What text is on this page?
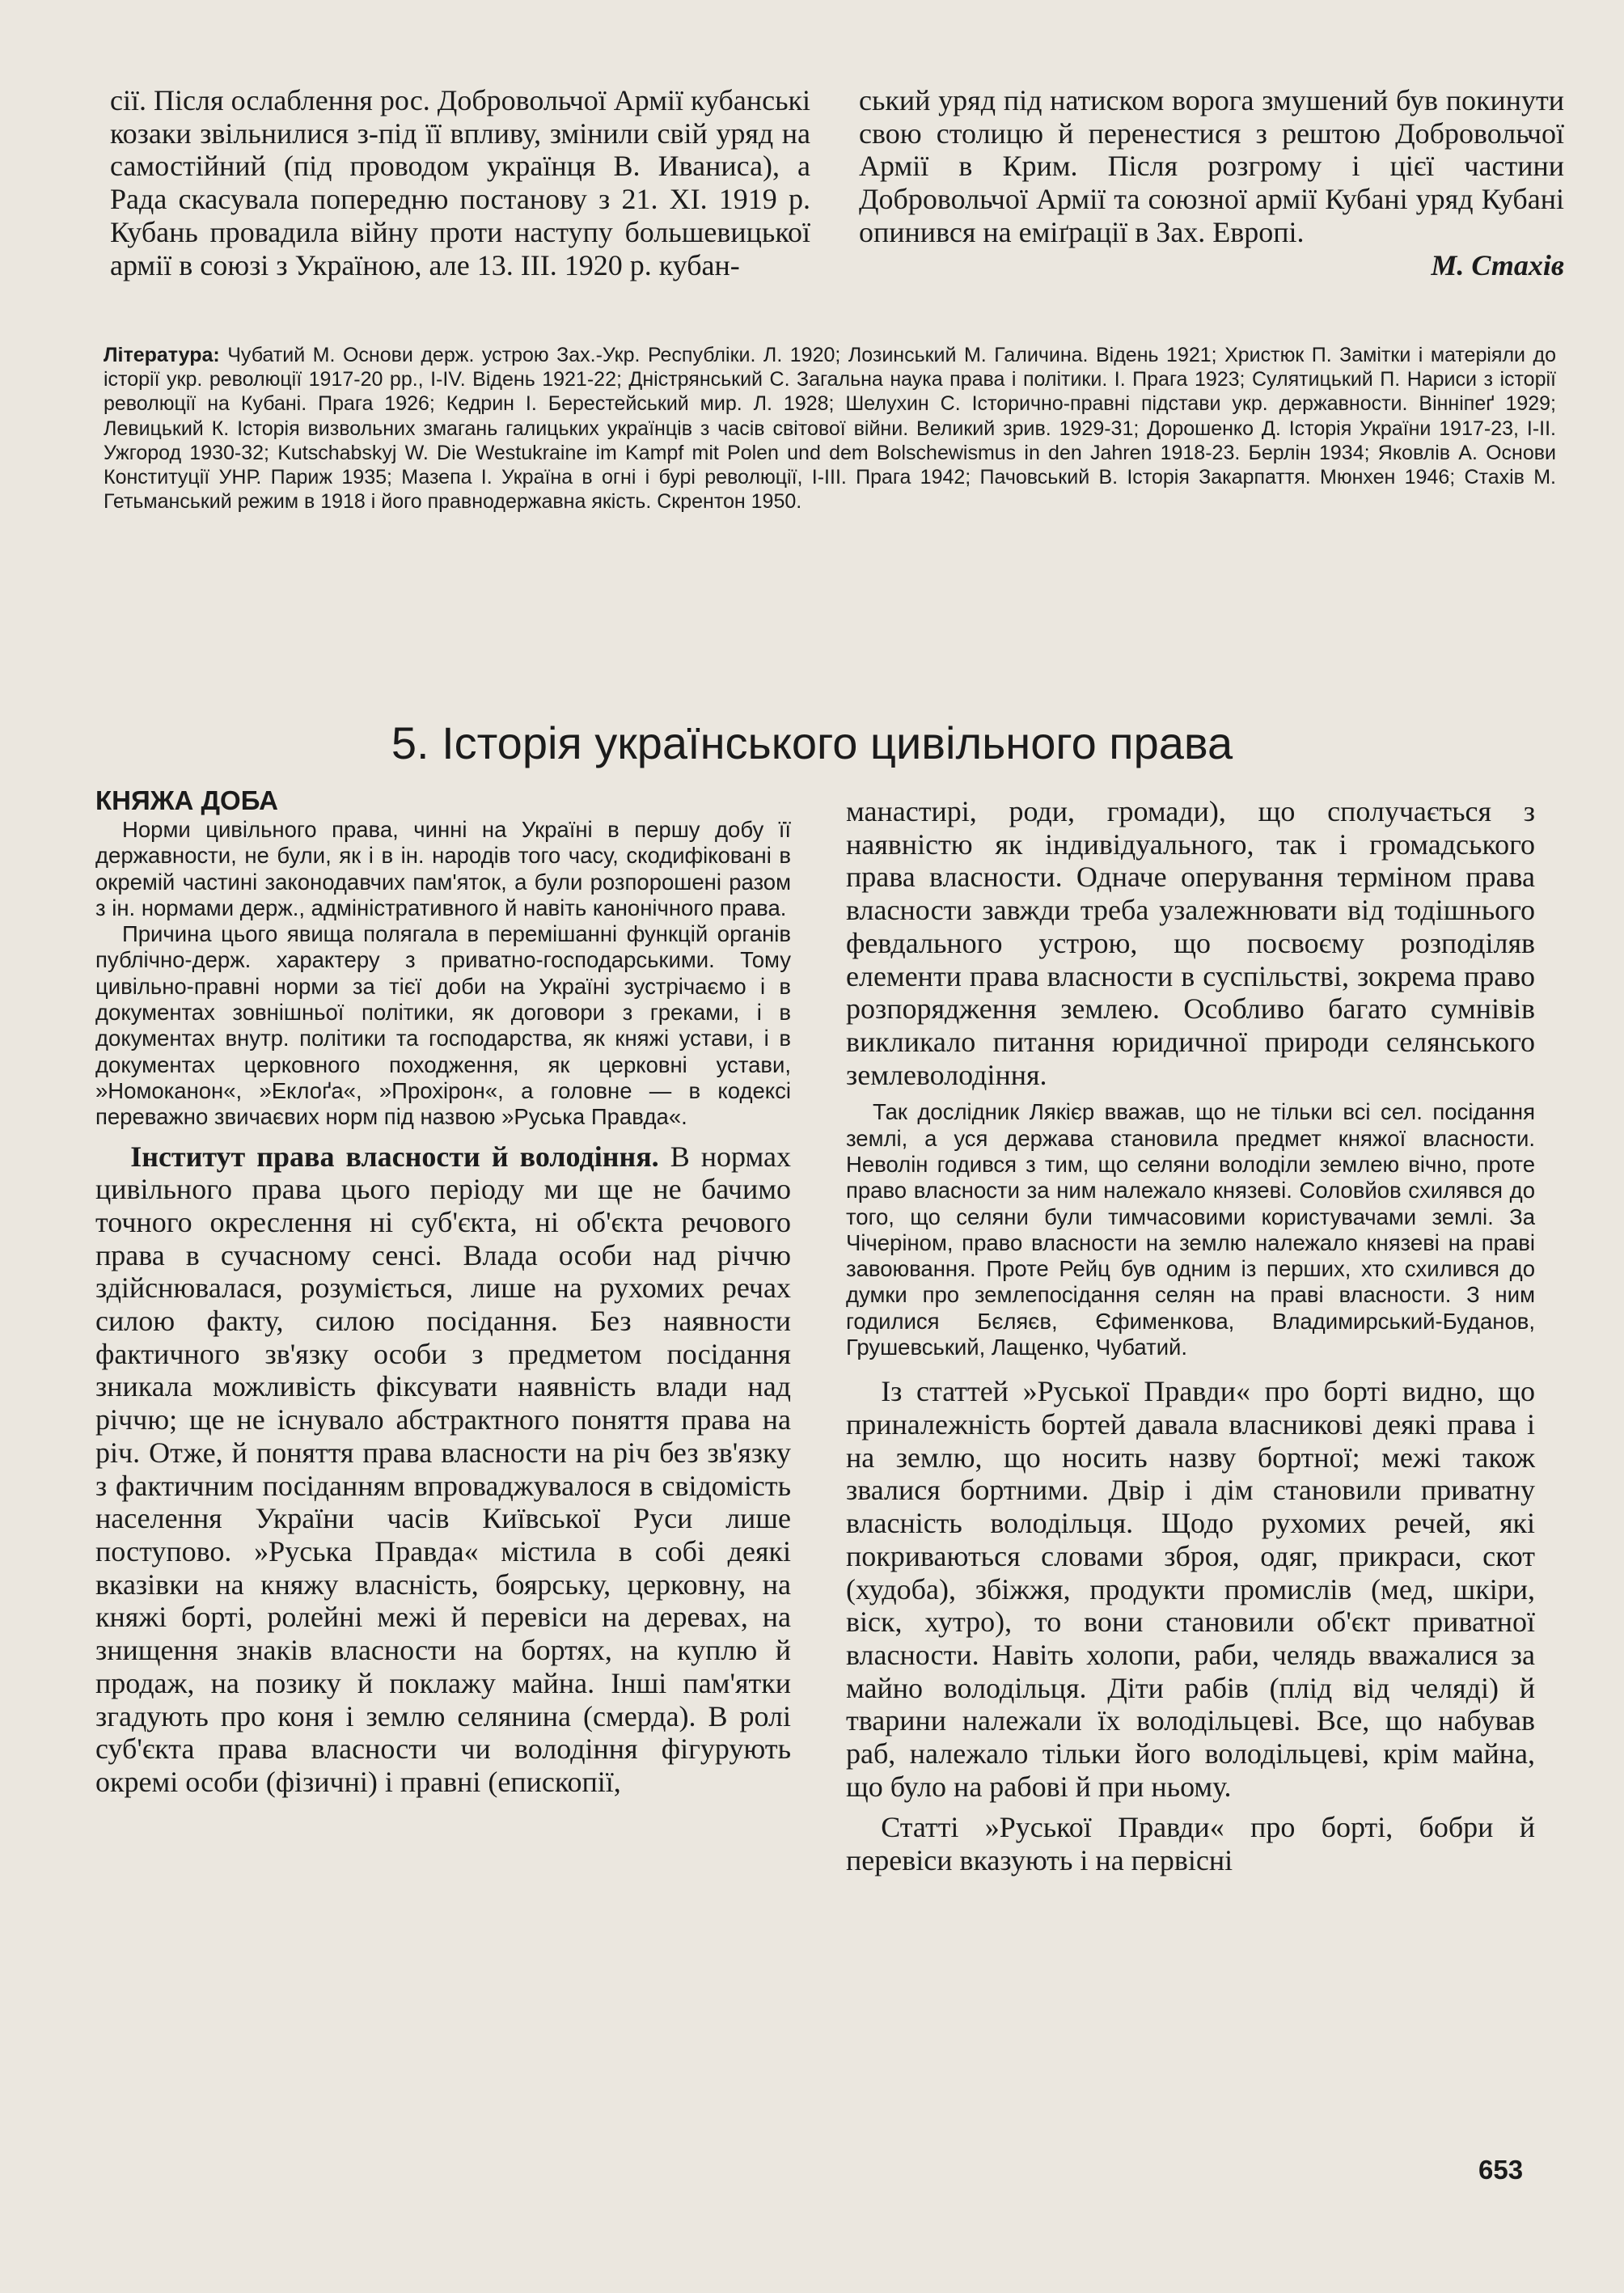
сії. Після ослаблення рос. Добровольчої Армії кубанські козаки звільнилися з-під її впливу, змінили свій уряд на самостійний (під проводом українця В. Иваниса), а Рада скасувала попередню постанову з 21. XI. 1919 р. Кубань провадила війну проти наступу большевицької армії в союзі з Україною, але 13. III. 1920 р. кубан-

ський уряд під натиском ворога змушений був покинути свою столицю й перенестися з рештою Добровольчої Армії в Крим. Після розгрому і цієї частини Добровольчої Армії та союзної армії Кубані уряд Кубані опинився на еміґрації в Зах. Европі.

М. Стахів

Література: Чубатий М. Основи держ. устрою Зах.-Укр. Республіки. Л. 1920; Лозинський М. Галичина. Відень 1921; Христюк П. Замітки і матеріяли до історії укр. революції 1917-20 рр., I-IV. Відень 1921-22; Дністрянський С. Загальна наука права і політики. I. Прага 1923; Сулятицький П. Нариси з історії революції на Кубані. Прага 1926; Кедрин I. Берестейський мир. Л. 1928; Шелухин С. Історично-правні підстави укр. державности. Вінніпеґ 1929; Левицький К. Історія визвольних змагань галицьких українців з часів світової війни. Великий зрив. 1929-31; Дорошенко Д. Історія України 1917-23, I-II. Ужгород 1930-32; Kutschabskyj W. Die Westukraine im Kampf mit Polen und dem Bolschewismus in den Jahren 1918-23. Берлін 1934; Яковлів А. Основи Конституції УНР. Париж 1935; Мазепа I. Україна в огні і бурі революції, I-III. Прага 1942; Пачовський В. Історія Закарпаття. Мюнхен 1946; Стахів М. Гетьманський режим в 1918 і його правнодержавна якість. Скрентон 1950.
5. Історія українського цивільного права

КНЯЖА ДОБА

Норми цивільного права, чинні на Україні в першу добу її державности, не були, як і в ін. народів того часу, скодифіковані в окремій частині законодавчих пам'яток, а були розпорошені разом з ін. нормами держ., адміністративного й навіть канонічного права.

Причина цього явища полягала в перемішанні функцій органів публічно-держ. характеру з приватно-господарськими. Тому цивільно-правні норми за тієї доби на Україні зустрічаємо і в документах зовнішньої політики, як договори з греками, і в документах внутр. політики та господарства, як княжі устави, і в документах церковного походження, як церковні устави, »Номоканон«, »Еклоґа«, »Прохірон«, а головне — в кодексі переважно звичаєвих норм під назвою »Руська Правда«.

Інститут права власности й володіння. В нормах цивільного права цього періоду ми ще не бачимо точного окреслення ні суб'єкта, ні об'єкта речового права в сучасному сенсі. Влада особи над річчю здійснювалася, розуміється, лише на рухомих речах силою факту, силою посідання. Без наявности фактичного зв'язку особи з предметом посідання зникала можливість фіксувати наявність влади над річчю; ще не існувало абстрактного поняття права на річ. Отже, й поняття права власности на річ без зв'язку з фактичним посіданням впроваджувалося в свідомість населення України часів Київської Руси лише поступово. »Руська Правда« містила в собі деякі вказівки на княжу власність, боярську, церковну, на княжі борті, ролейні межі й перевіси на деревах, на знищення знаків власности на бортях, на куплю й продаж, на позику й поклажу майна. Інші пам'ятки згадують про коня і землю селянина (смерда). В ролі суб'єкта права власности чи володіння фігурують окремі особи (фізичні) і правні (епископії,

манастирі, роди, громади), що сполучається з наявністю як індивідуального, так і громадського права власности. Одначе оперування терміном права власности завжди треба узалежнювати від тодішнього февдального устрою, що посвоєму розподіляв елементи права власности в суспільстві, зокрема право розпорядження землею. Особливо багато сумнівів викликало питання юридичної природи селянського землеволодіння.

Так дослідник Лякієр вважав, що не тільки всі сел. посідання землі, а уся держава становила предмет княжої власности. Неволін годився з тим, що селяни володіли землею вічно, проте право власности за ним належало князеві. Соловйов схилявся до того, що селяни були тимчасовими користувачами землі. За Чічеріном, право власности на землю належало князеві на праві завоювання. Проте Рейц був одним із перших, хто схилився до думки про землепосідання селян на праві власности. З ним годилися Бєляєв, Єфименкова, Владимирський-Буданов, Грушевський, Лащенко, Чубатий.

Із статтей »Руської Правди« про борті видно, що приналежність бортей давала власникові деякі права і на землю, що носить назву бортної; межі також звалися бортними. Двір і дім становили приватну власність володільця. Щодо рухомих речей, які покриваються словами зброя, одяг, прикраси, скот (худоба), збіжжя, продукти промислів (мед, шкіри, віск, хутро), то вони становили об'єкт приватної власности. Навіть холопи, раби, челядь вважалися за майно володільця. Діти рабів (плід від челяді) й тварини належали їх володільцеві. Все, що набував раб, належало тільки його володільцеві, крім майна, що було на рабові й при ньому.

Статті »Руської Правди« про борті, бобри й перевіси вказують і на первісні

653
